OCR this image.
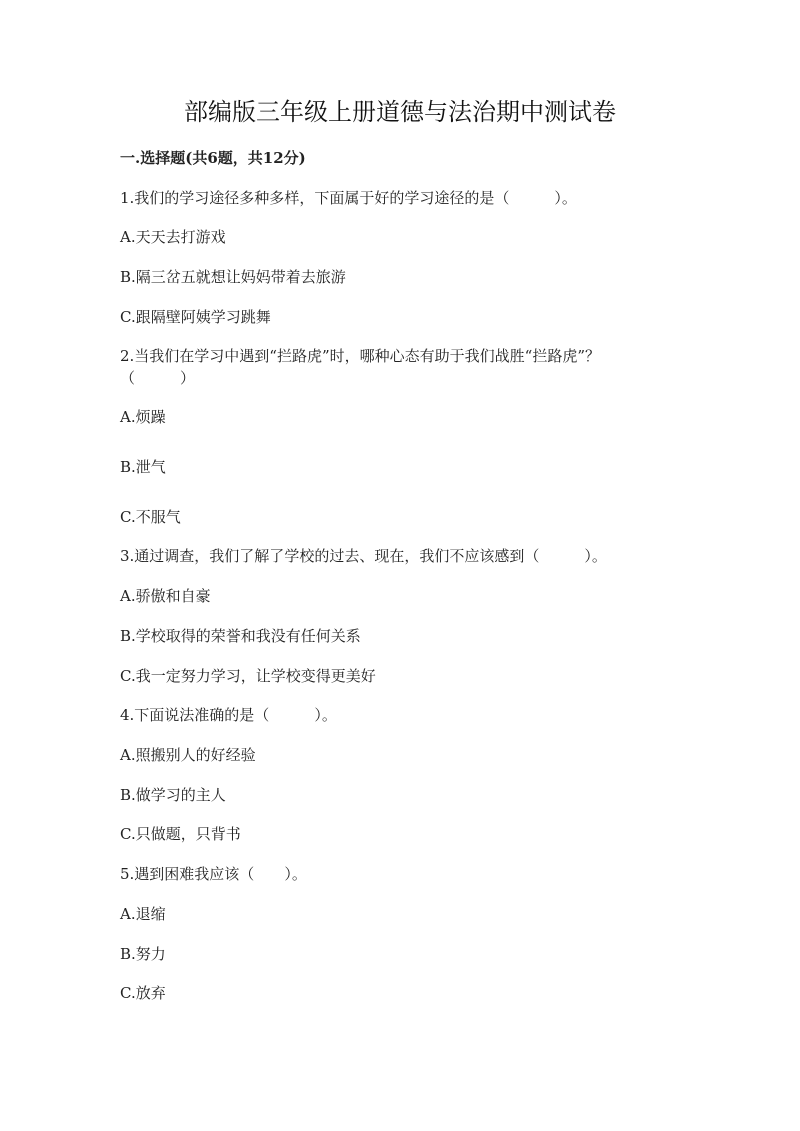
部编版三年级上册道德与法治期中测试卷
一.选择题(共6题，共12分)
1.我们的学习途径多种多样，下面属于好的学习途径的是（　　　）。
A.天天去打游戏
B.隔三岔五就想让妈妈带着去旅游
C.跟隔壁阿姨学习跳舞
2.当我们在学习中遇到“拦路虎”时，哪种心态有助于我们战胜“拦路虎”？
（　　　）
A.烦躁
B.泄气
C.不服气
3.通过调查，我们了解了学校的过去、现在，我们不应该感到（　　　）。
A.骄傲和自豪
B.学校取得的荣誉和我没有任何关系
C.我一定努力学习，让学校变得更美好
4.下面说法准确的是（　　　）。
A.照搬别人的好经验
B.做学习的主人
C.只做题，只背书
5.遇到困难我应该（　　）。
A.退缩
B.努力
C.放弃
